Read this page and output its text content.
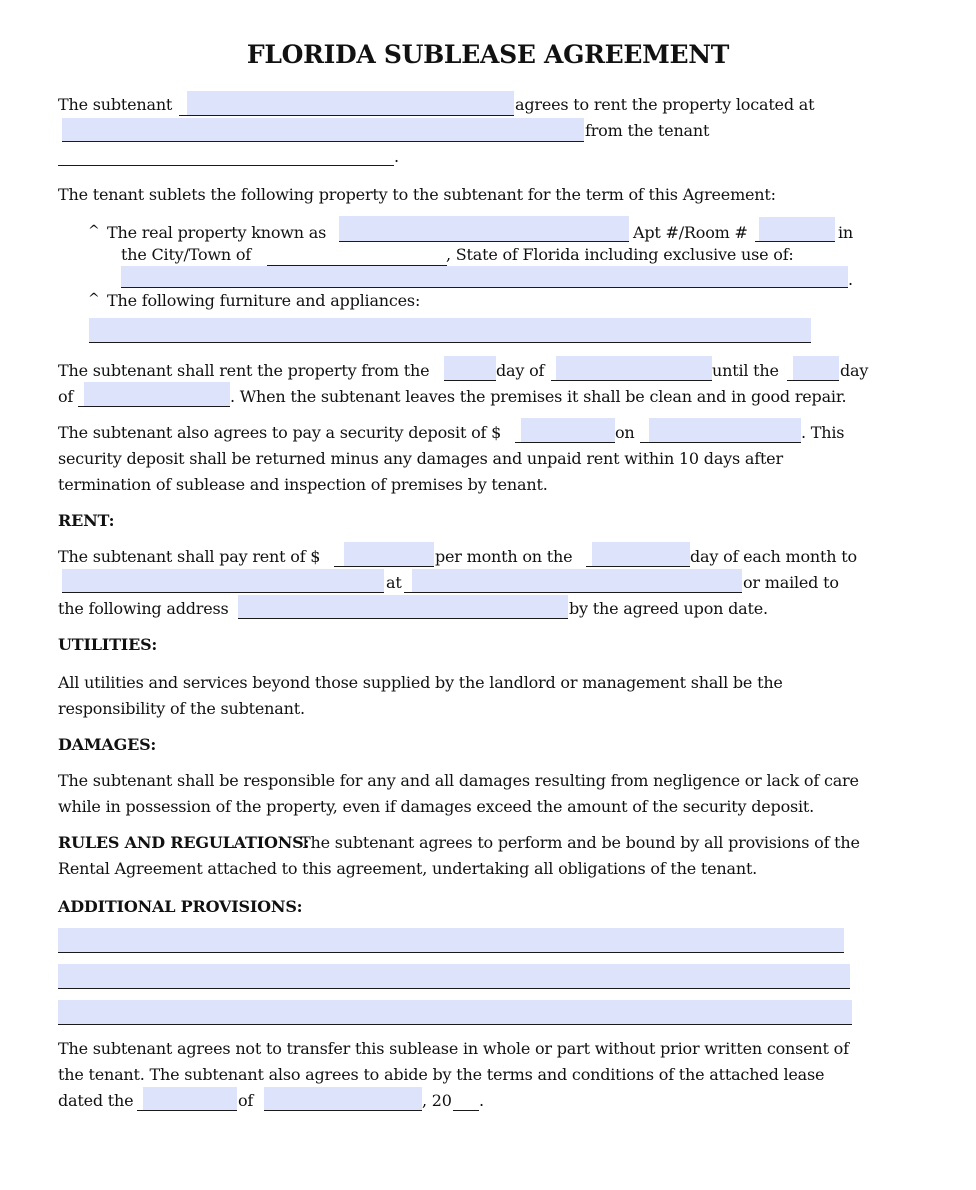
FLORIDA SUBLEASE AGREEMENT
The subtenant	agrees to rent the property located at
from the tenant
.
The tenant sublets the following property to the subtenant for the term of this Agreement:
^ The real property known as	Apt #/Room #	in
the City/Town of	, State of Florida including exclusive use of:
.
^ The following furniture and appliances:
The subtenant shall rent the property from the	day of	until the	day
of	. When the subtenant leaves the premises it shall be clean and in good repair.
The subtenant also agrees to pay a security deposit of $	on	. This
security deposit shall be returned minus any damages and unpaid rent within 10 days after
termination of sublease and inspection of premises by tenant.
RENT:
The subtenant shall pay rent of $	per month on the	day of each month to
at	or mailed to
the following address	by the agreed upon date.
UTILITIES:
All utilities and services beyond those supplied by the landlord or management shall be the
responsibility of the subtenant.
DAMAGES:
The subtenant shall be responsible for any and all damages resulting from negligence or lack of care
while in possession of the property, even if damages exceed the amount of the security deposit.
RULES AND REGULATIONS:
The subtenant agrees to perform and be bound by all provisions of the
Rental Agreement attached to this agreement, undertaking all obligations of the tenant.
ADDITIONAL PROVISIONS:
The subtenant agrees not to transfer this sublease in whole or part without prior written consent of
the tenant. The subtenant also agrees to abide by the terms and conditions of the attached lease
dated the	of	, 20 .
